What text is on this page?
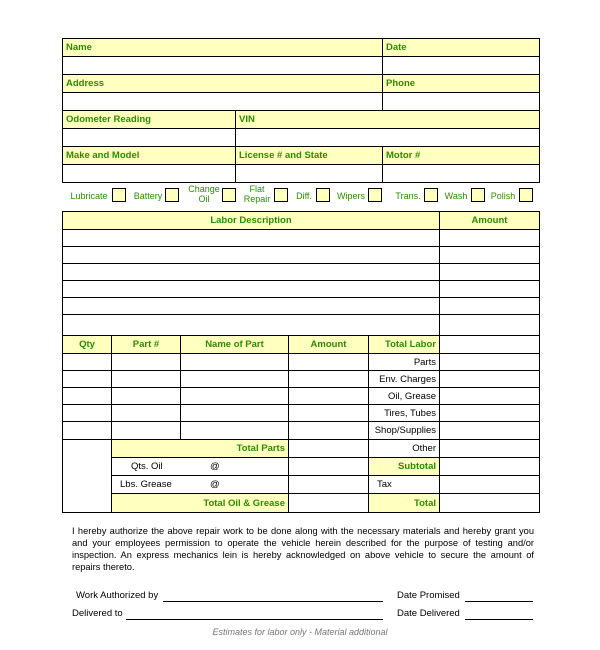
Name	Date
Address	Phone
Odometer Reading	VIN
Make and Model	License # and State	Motor #
Lubricate	Battery
Change Oil
Flat Repair	Diff.	Wipers	Trans.	Wash	Polish
Labor Description	Amount
Qty	Part #	Name of Part	Amount	Total Labor
Parts
Env. Charges
Oil, Grease
Tires, Tubes
Shop/Supplies
Total Parts	Other
Qts. Oil	@	Subtotal
Lbs. Grease	@	Tax
Total Oil & Grease	Total
I hereby authorize the above repair work to be done along with the necessary materials and hereby grant you and your employees permission to operate the vehicle herein described for the purpose of testing and/or inspection. An express mechanics lein is hereby acknowledged on above vehicle to secure the amount of repairs thereto.
Work Authorized by	Date Promised
Delivered to	Date Delivered
Estimates for labor only - Material additional
